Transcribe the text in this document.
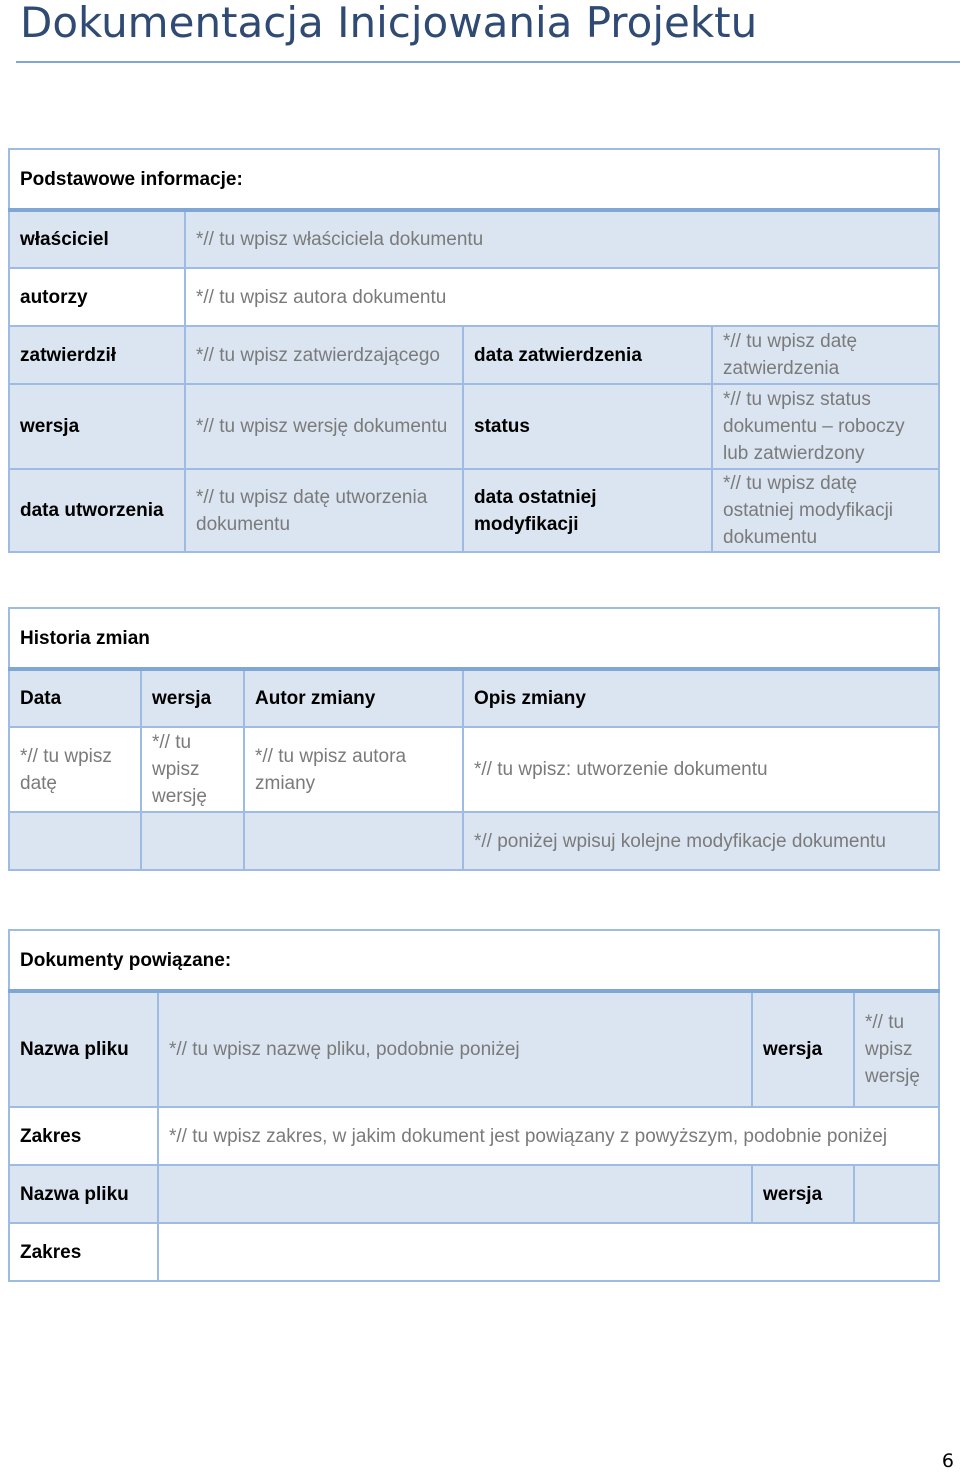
Dokumentacja Inicjowania Projektu
Podstawowe informacje:			
właściciel	*// tu wpisz właściciela dokumentu		
autorzy	*// tu wpisz autora dokumentu		
zatwierdził	*// tu wpisz zatwierdzającego	data zatwierdzenia	*// tu wpisz datę zatwierdzenia
wersja	*// tu wpisz wersję dokumentu	status	*// tu wpisz status dokumentu – roboczy lub zatwierdzony
data utworzenia	*// tu wpisz datę utworzenia dokumentu	data ostatniej modyfikacji	*// tu wpisz datę ostatniej modyfikacji dokumentu
Historia zmian			
Data	wersja	Autor zmiany	Opis zmiany
*// tu wpisz datę	*// tu wpisz wersję	*// tu wpisz autora zmiany	*// tu wpisz: utworzenie dokumentu
			*// poniżej wpisuj kolejne modyfikacje dokumentu
Dokumenty powiązane:			
Nazwa pliku	*// tu wpisz nazwę pliku, podobnie poniżej	wersja	*// tu wpisz wersję
Zakres	*// tu wpisz zakres, w jakim dokument jest powiązany z powyższym, podobnie poniżej		
Nazwa pliku		wersja	
Zakres			
6
